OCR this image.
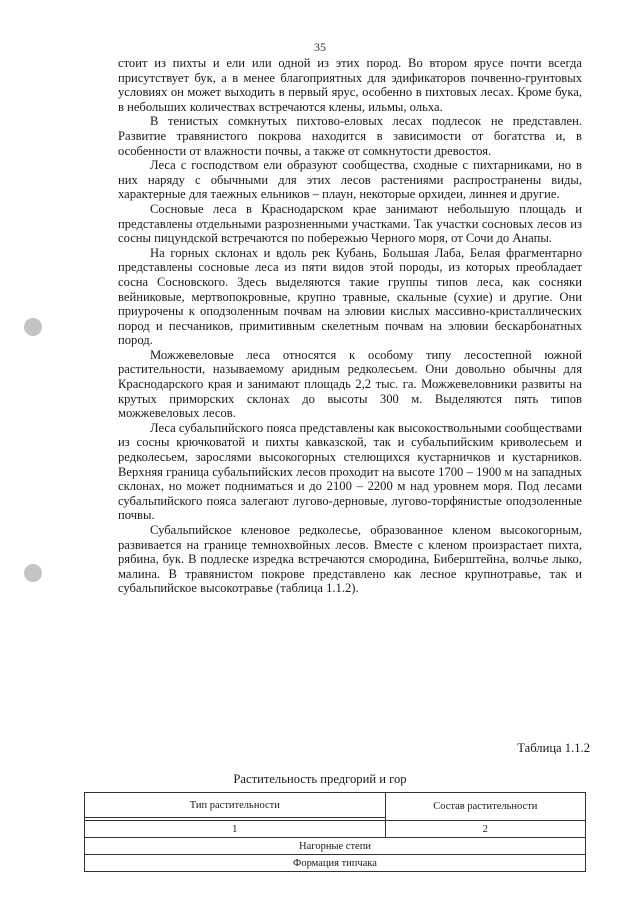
35

стоит из пихты и ели или одной из этих пород. Во втором ярусе почти всегда присутствует бук, а в менее благоприятных для эдификаторов почвенно-грунтовых условиях он может выходить в первый ярус, особенно в пихтовых лесах. Кроме бука, в небольших количествах встречаются клены, ильмы, ольха.

В тенистых сомкнутых пихтово-еловых лесах подлесок не представлен. Развитие травянистого покрова находится в зависимости от богатства и, в особенности от влажности почвы, а также от сомкнутости древостоя.

Леса с господством ели образуют сообщества, сходные с пихтарниками, но в них наряду с обычными для этих лесов растениями распространены виды, характерные для таежных ельников – плаун, некоторые орхидеи, линнея и другие.

Сосновые леса в Краснодарском крае занимают небольшую площадь и представлены отдельными разрозненными участками. Так участки сосновых лесов из сосны пицундской встречаются по побережью Черного моря, от Сочи до Анапы.

На горных склонах и вдоль рек Кубань, Большая Лаба, Белая фрагментарно представлены сосновые леса из пяти видов этой породы, из которых преобладает сосна Сосновского. Здесь выделяются такие группы типов леса, как сосняки вейниковые, мертвопокровные, крупно травные, скальные (сухие) и другие. Они приурочены к оподзоленным почвам на элювии кислых массивно-кристаллических пород и песчаников, примитивным скелетным почвам на элювии бескарбонатных пород.

Можжевеловые леса относятся к особому типу лесостепной южной растительности, называемому аридным редколесьем. Они довольно обычны для Краснодарского края и занимают площадь 2,2 тыс. га. Можжевеловники развиты на крутых приморских склонах до высоты 300 м. Выделяются пять типов можжевеловых лесов.

Леса субальпийского пояса представлены как высокоствольными сообществами из сосны крючковатой и пихты кавказской, так и субальпийским криволесьем и редколесьем, зарослями высокогорных стелющихся кустарничков и кустарников. Верхняя граница субальпийских лесов проходит на высоте 1700 – 1900 м на западных склонах, но может подниматься и до 2100 – 2200 м над уровнем моря. Под лесами субальпийского пояса залегают лугово-дерновые, лугово-торфянистые оподзоленные почвы.

Субальпийское кленовое редколесье, образованное кленом высокогорным, развивается на границе темнохвойных лесов. Вместе с кленом произрастает пихта, рябина, бук. В подлеске изредка встречаются смородина, Биберштейна, волчье лыко, малина. В травянистом покрове представлено как лесное крупнотравье, так и субальпийское высокотравье (таблица 1.1.2).

Таблица 1.1.2
Растительность предгорий и гор
Тип растительности	Состав растительности

1	2
Нагорные степи	
Формация типчака	
